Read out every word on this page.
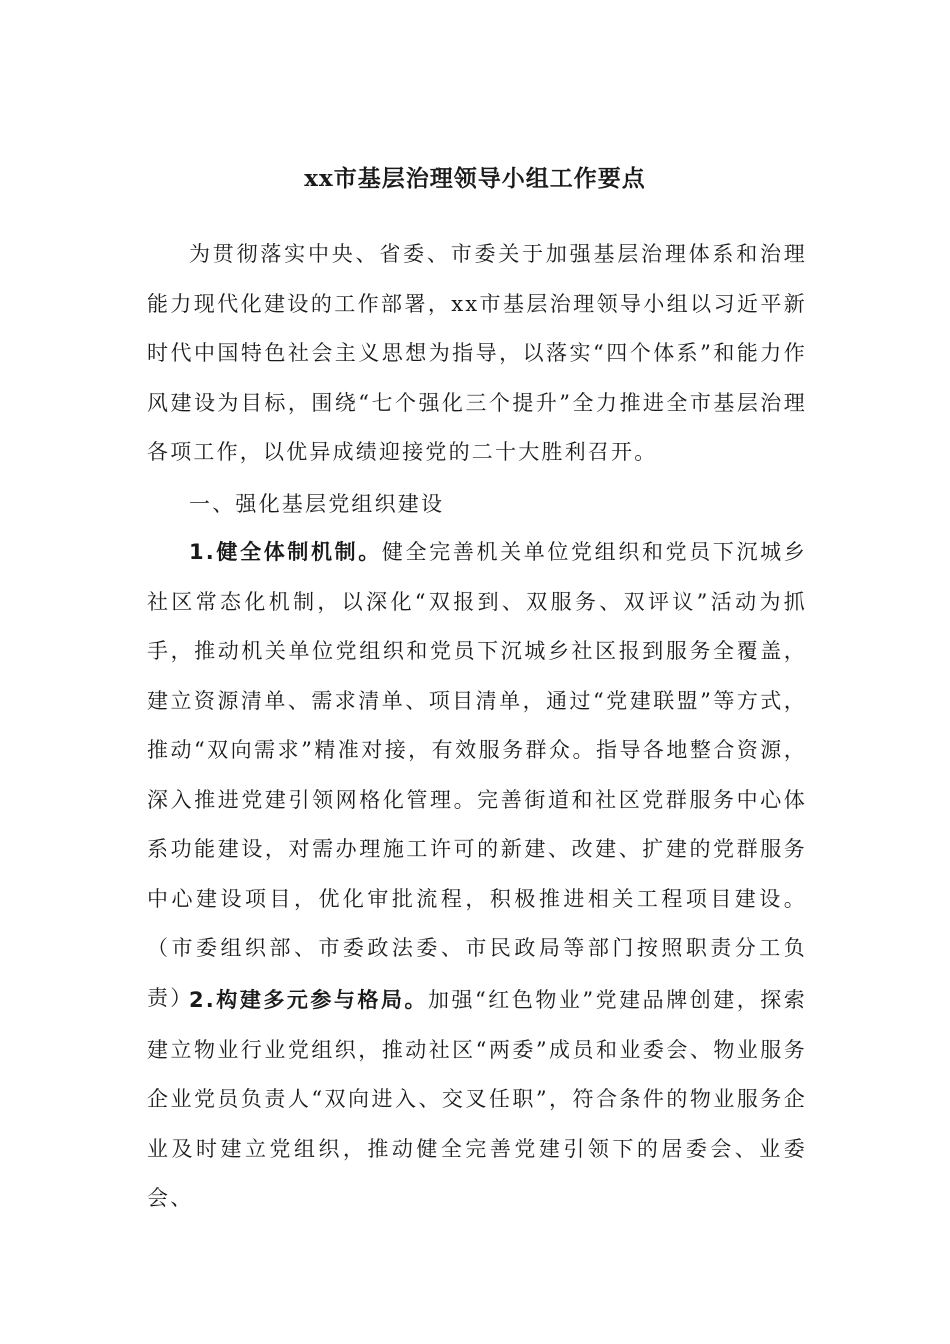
xx市基层治理领导小组工作要点

为贯彻落实中央、省委、市委关于加强基层治理体系和治理能力现代化建设的工作部署，xx市基层治理领导小组以习近平新时代中国特色社会主义思想为指导，以落实“四个体系”和能力作风建设为目标，围绕“七个强化三个提升”全力推进全市基层治理各项工作，以优异成绩迎接党的二十大胜利召开。

一、强化基层党组织建设

1.健全体制机制。健全完善机关单位党组织和党员下沉城乡社区常态化机制，以深化“双报到、双服务、双评议”活动为抓手，推动机关单位党组织和党员下沉城乡社区报到服务全覆盖，建立资源清单、需求清单、项目清单，通过“党建联盟”等方式，推动“双向需求”精准对接，有效服务群众。指导各地整合资源，深入推进党建引领网格化管理。完善街道和社区党群服务中心体系功能建设，对需办理施工许可的新建、改建、扩建的党群服务中心建设项目，优化审批流程，积极推进相关工程项目建设。（市委组织部、市委政法委、市民政局等部门按照职责分工负责）

2.构建多元参与格局。加强“红色物业”党建品牌创建，探索建立物业行业党组织，推动社区“两委”成员和业委会、物业服务企业党员负责人“双向进入、交叉任职”，符合条件的物业服务企业及时建立党组织，推动健全完善党建引领下的居委会、业委会、
